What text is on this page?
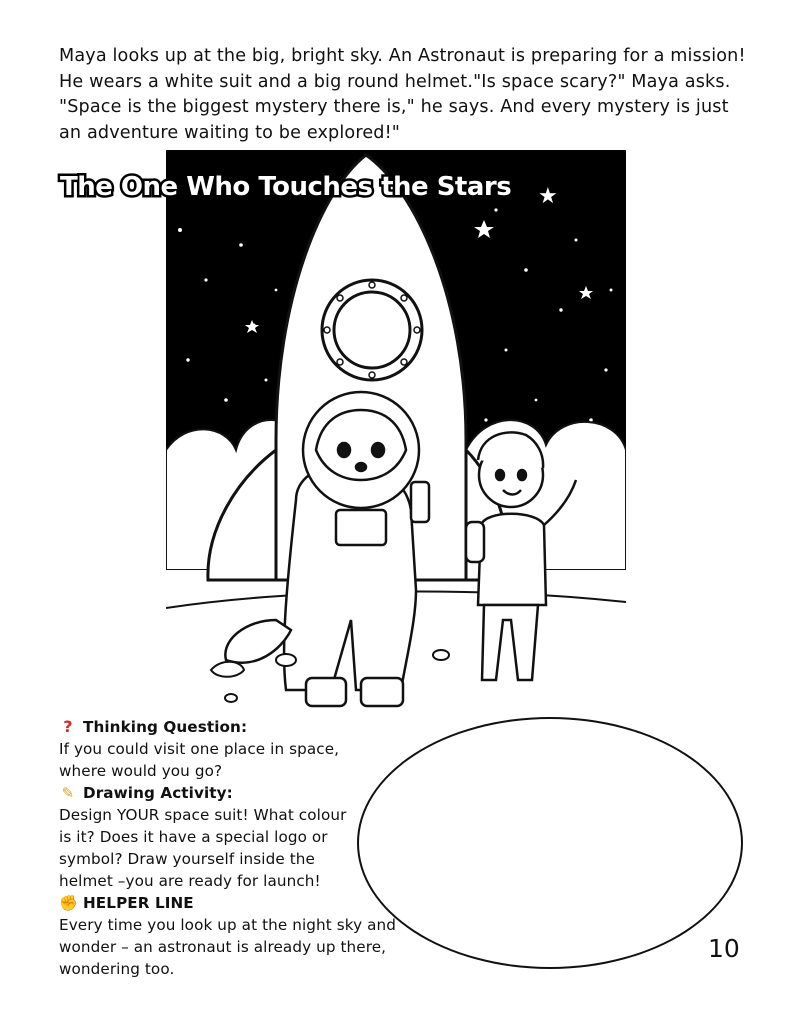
Maya looks up at the big, bright sky. An Astronaut is preparing for a mission! He wears a white suit and a big round helmet."Is space scary?" Maya asks. "Space is the biggest mystery there is," he says. And every mystery is just an adventure waiting to be explored!"
The One Who Touches the Stars ★
? Thinking Question:

If you could visit one place in space, where would you go?

✎ Drawing Activity:

Design YOUR space suit! What colour is it? Does it have a special logo or symbol? Draw yourself inside the helmet –you are ready for launch!

✊ HELPER LINE

Every time you look up at the night sky and wonder – an astronaut is already up there, wondering too.

10
